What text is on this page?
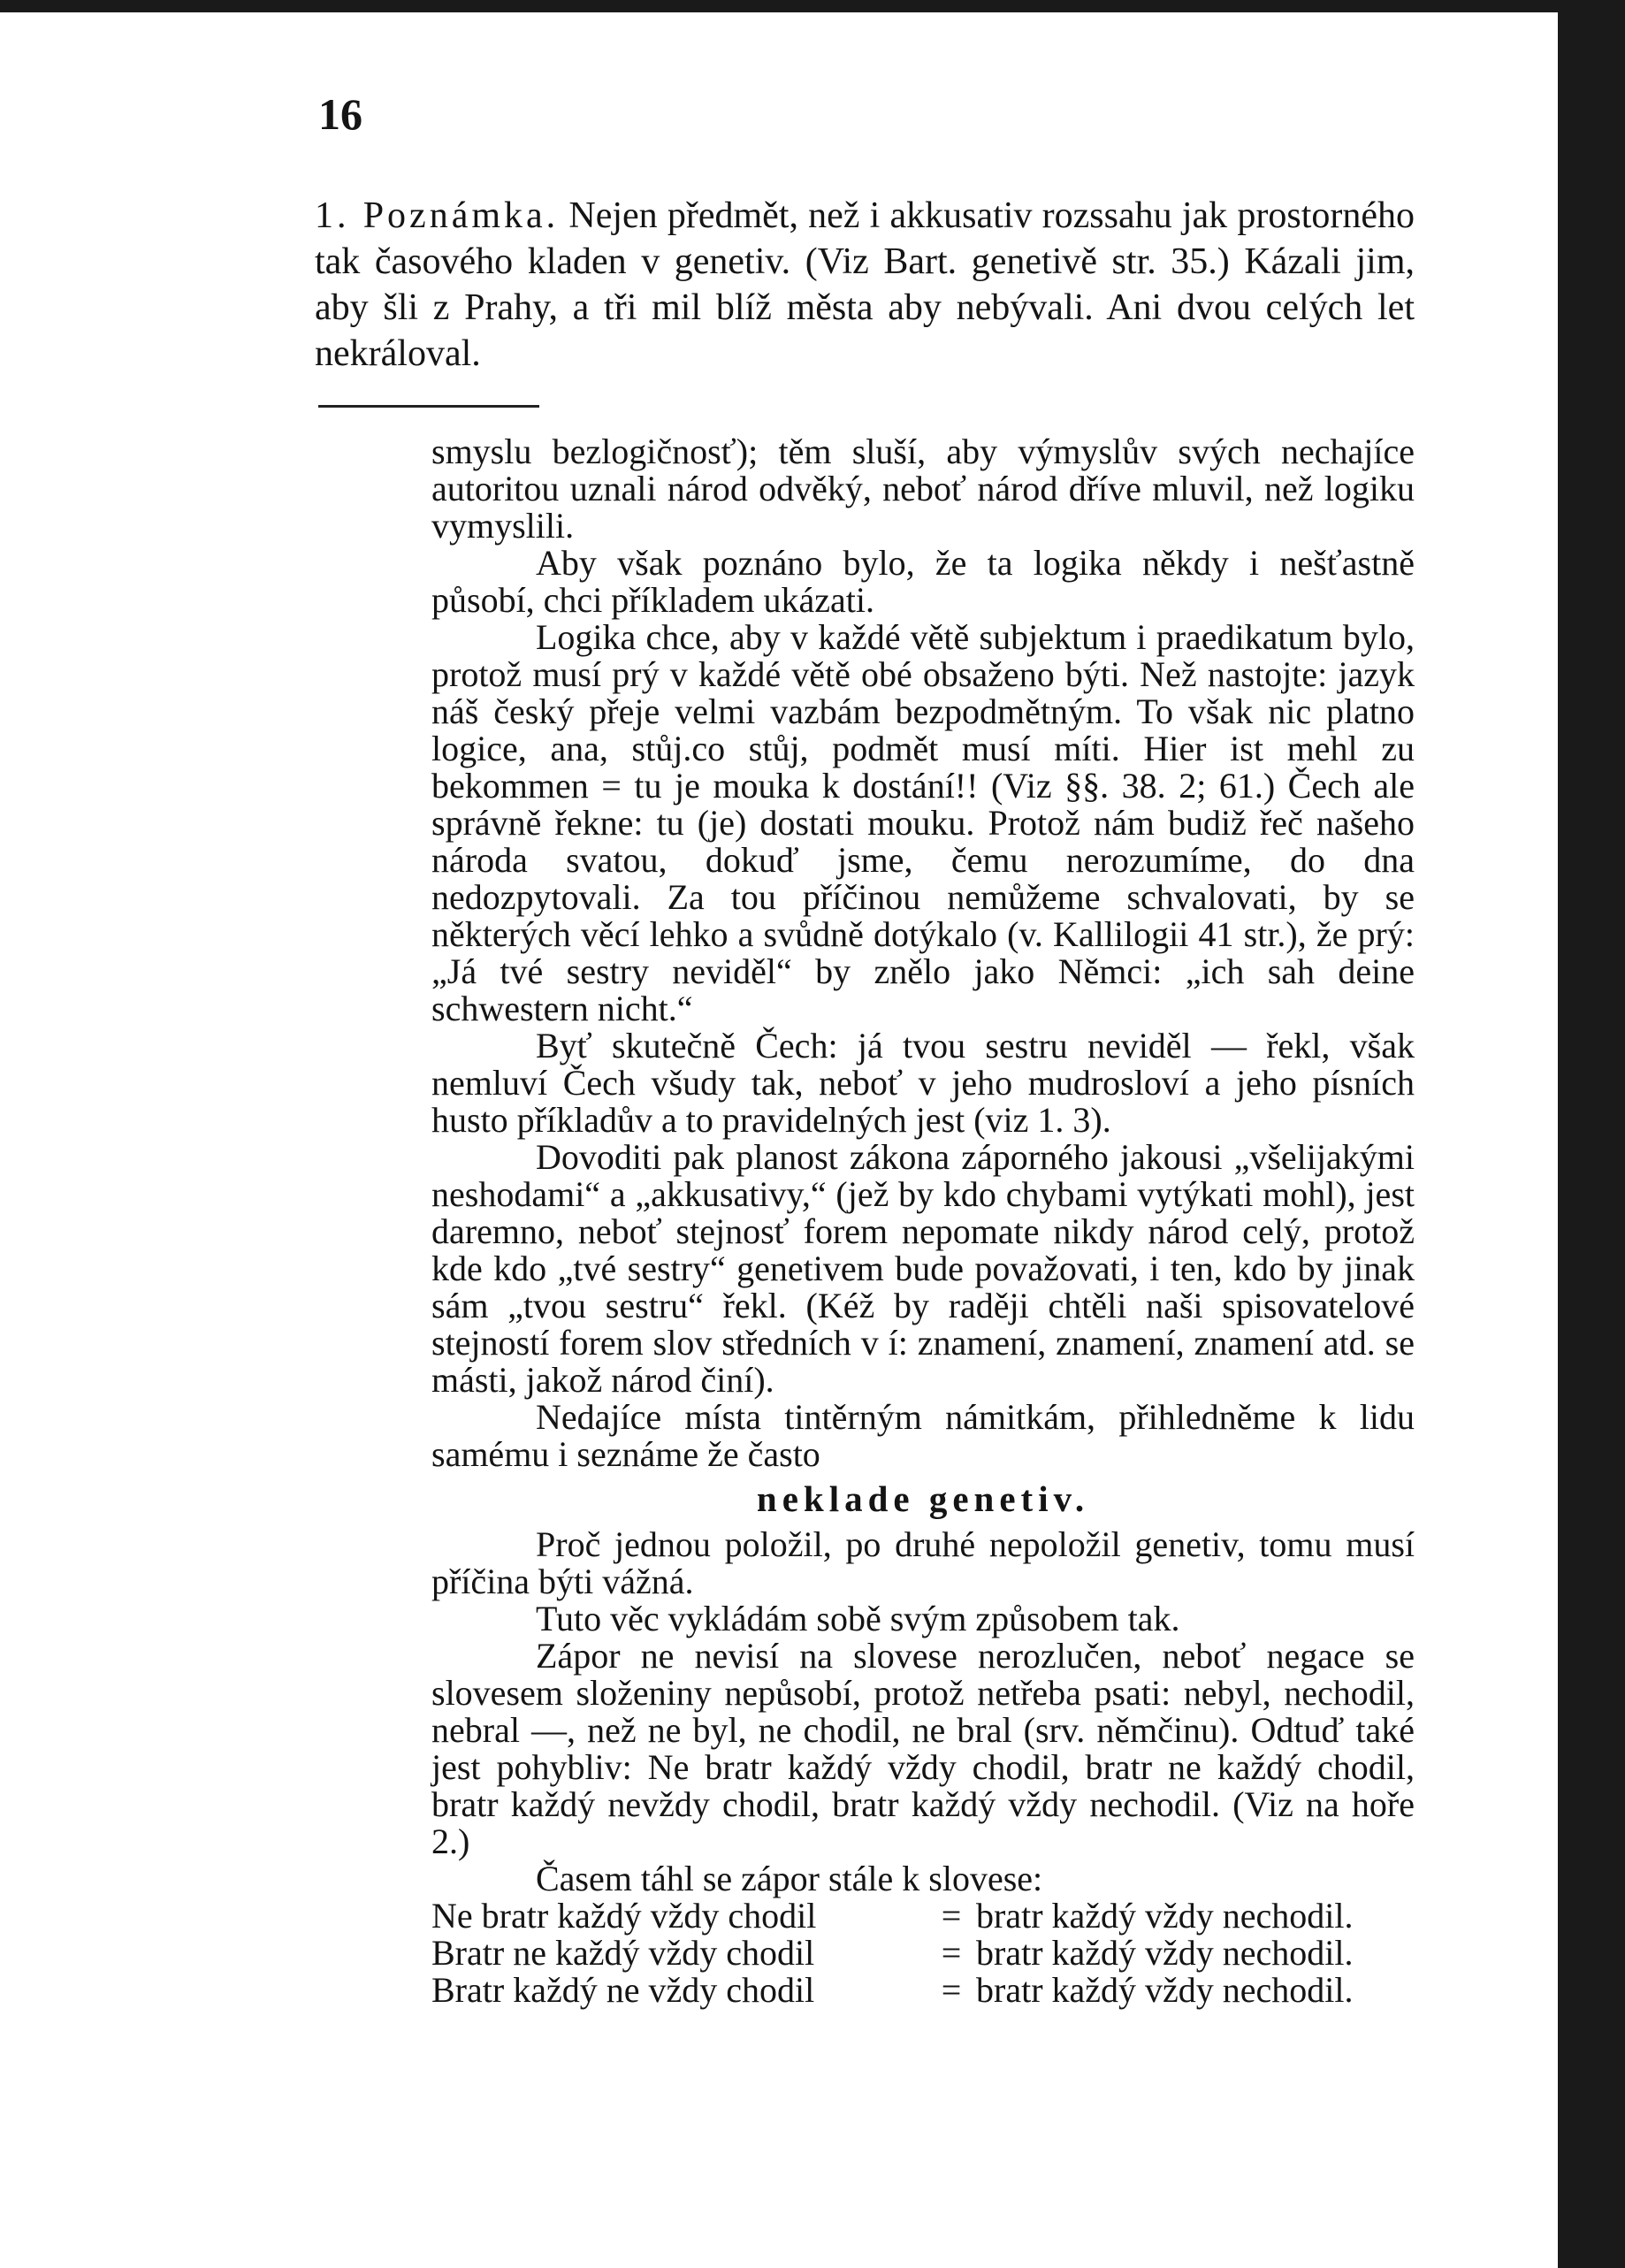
16

1. Poznámka. Nejen předmět, než i akkusativ rozssahu jak prostorného tak časového kladen v genetiv. (Viz Bart. genetivě str. 35.) Kázali jim, aby šli z Prahy, a tři mil blíž města aby nebývali. Ani dvou celých let nekráloval.

smyslu bezlogičnosť); těm sluší, aby výmyslův svých nechajíce autoritou uznali národ odvěký, neboť národ dříve mluvil, než logiku vymyslili.

Aby však poznáno bylo, že ta logika někdy i nešťastně působí, chci příkladem ukázati.

Logika chce, aby v každé větě subjektum i praedikatum bylo, protož musí prý v každé větě obé obsaženo býti. Než nastojte: jazyk náš český přeje velmi vazbám bezpodmětným. To však nic platno logice, ana, stůj.co stůj, podmět musí míti. Hier ist mehl zu bekommen = tu je mouka k dostání!! (Viz §§. 38. 2; 61.) Čech ale správně řekne: tu (je) dostati mouku. Protož nám budiž řeč našeho národa svatou, dokuď jsme, čemu nerozumíme, do dna nedozpytovali. Za tou příčinou nemůžeme schvalovati, by se některých věcí lehko a svůdně dotýkalo (v. Kallilogii 41 str.), že prý: „Já tvé sestry neviděl“ by znělo jako Němci: „ich sah deine schwestern nicht.“

Byť skutečně Čech: já tvou sestru neviděl — řekl, však nemluví Čech všudy tak, neboť v jeho mudrosloví a jeho písních husto příkladův a to pravidelných jest (viz 1. 3).

Dovoditi pak planost zákona záporného jakousi „všelijakými neshodami“ a „akkusativy,“ (jež by kdo chybami vytýkati mohl), jest daremno, neboť stejnosť forem nepomate nikdy národ celý, protož kde kdo „tvé sestry“ genetivem bude považovati, i ten, kdo by jinak sám „tvou sestru“ řekl. (Kéž by raději chtěli naši spisovatelové stejností forem slov středních v í: znamení, znamení, znamení atd. se másti, jakož národ činí).

Nedajíce místa tintěrným námitkám, přihledněme k lidu samému i seznáme že často

neklade genetiv.

Proč jednou položil, po druhé nepoložil genetiv, tomu musí příčina býti vážná.

Tuto věc vykládám sobě svým způsobem tak.

Zápor ne nevisí na slovese nerozlučen, neboť negace se slovesem složeniny nepůsobí, protož netřeba psati: nebyl, nechodil, nebral —, než ne byl, ne chodil, ne bral (srv. němčinu). Odtuď také jest pohybliv: Ne bratr každý vždy chodil, bratr ne každý chodil, bratr každý nevždy chodil, bratr každý vždy nechodil. (Viz na hoře 2.)

Časem táhl se zápor stále k slovese:

Ne bratr každý vždy chodil	= bratr každý vždy nechodil.

Bratr ne každý vždy chodil	= bratr každý vždy nechodil.

Bratr každý ne vždy chodil	= bratr každý vždy nechodil.
